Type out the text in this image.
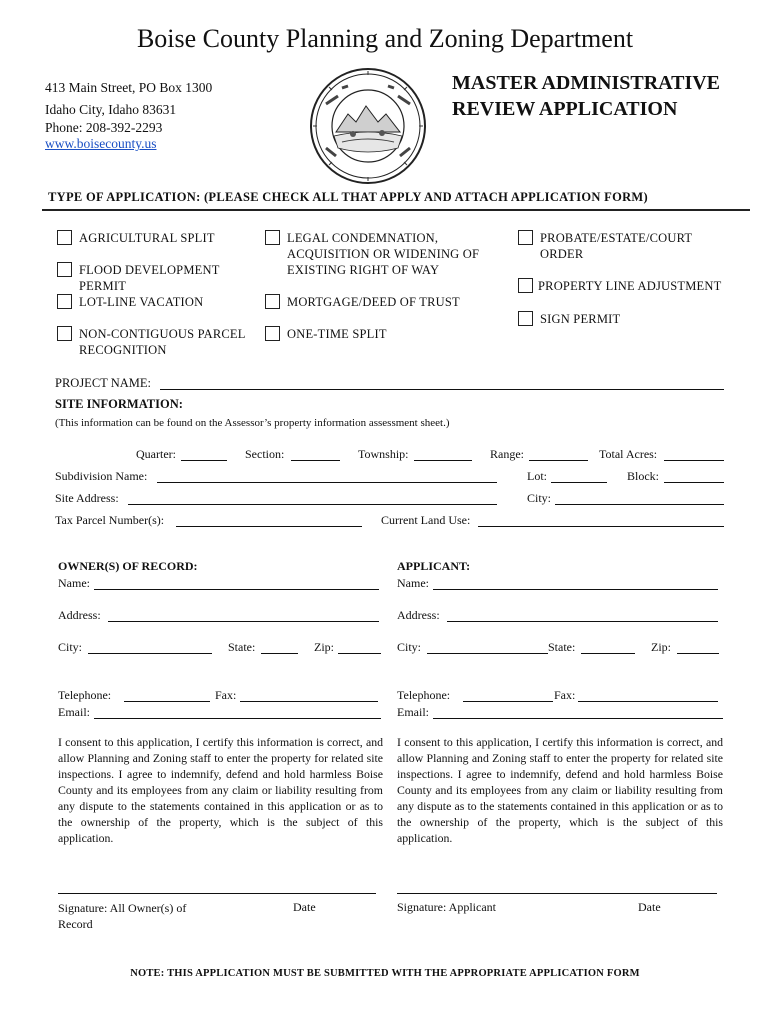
Boise County Planning and Zoning Department
413 Main Street, PO Box 1300
Idaho City, Idaho 83631
Phone: 208-392-2293
www.boisecounty.us
MASTER ADMINISTRATIVE
REVIEW APPLICATION
TYPE OF APPLICATION: (PLEASE CHECK ALL THAT APPLY AND ATTACH APPLICATION FORM)
AGRICULTURAL SPLIT
FLOOD DEVELOPMENT PERMIT
LOT-LINE VACATION
NON-CONTIGUOUS PARCEL RECOGNITION
LEGAL CONDEMNATION, ACQUISITION OR WIDENING OF EXISTING RIGHT OF WAY
MORTGAGE/DEED OF TRUST
ONE-TIME SPLIT
PROBATE/ESTATE/COURT ORDER
PROPERTY LINE ADJUSTMENT
SIGN PERMIT
PROJECT NAME:
SITE INFORMATION:
(This information can be found on the Assessor’s property information assessment sheet.)
Quarter:	Section:	Township:	Range:	Total Acres:
Subdivision Name:	Lot:	Block:
Site Address:	City:
Tax Parcel Number(s):	Current Land Use:
OWNER(S) OF RECORD:
Name:
Address:
City:	State:	Zip:
Telephone:	Fax:
Email:
I consent to this application, I certify this information is correct, and allow Planning and Zoning staff to enter the property for related site inspections. I agree to indemnify, defend and hold harmless Boise County and its employees from any claim or liability resulting from any dispute to the statements contained in this application or as to the ownership of the property, which is the subject of this application.
Signature: All Owner(s) of Record
Date
APPLICANT:
Name:
Address:
City:	State:	Zip:
Telephone:	Fax:
Email:
I consent to this application, I certify this information is correct, and allow Planning and Zoning staff to enter the property for related site inspections. I agree to indemnify, defend and hold harmless Boise County and its employees from any claim or liability resulting from any dispute as to the statements contained in this application or as to the ownership of the property, which is the subject of this application.
Signature: Applicant	Date
NOTE: THIS APPLICATION MUST BE SUBMITTED WITH THE APPROPRIATE APPLICATION FORM
